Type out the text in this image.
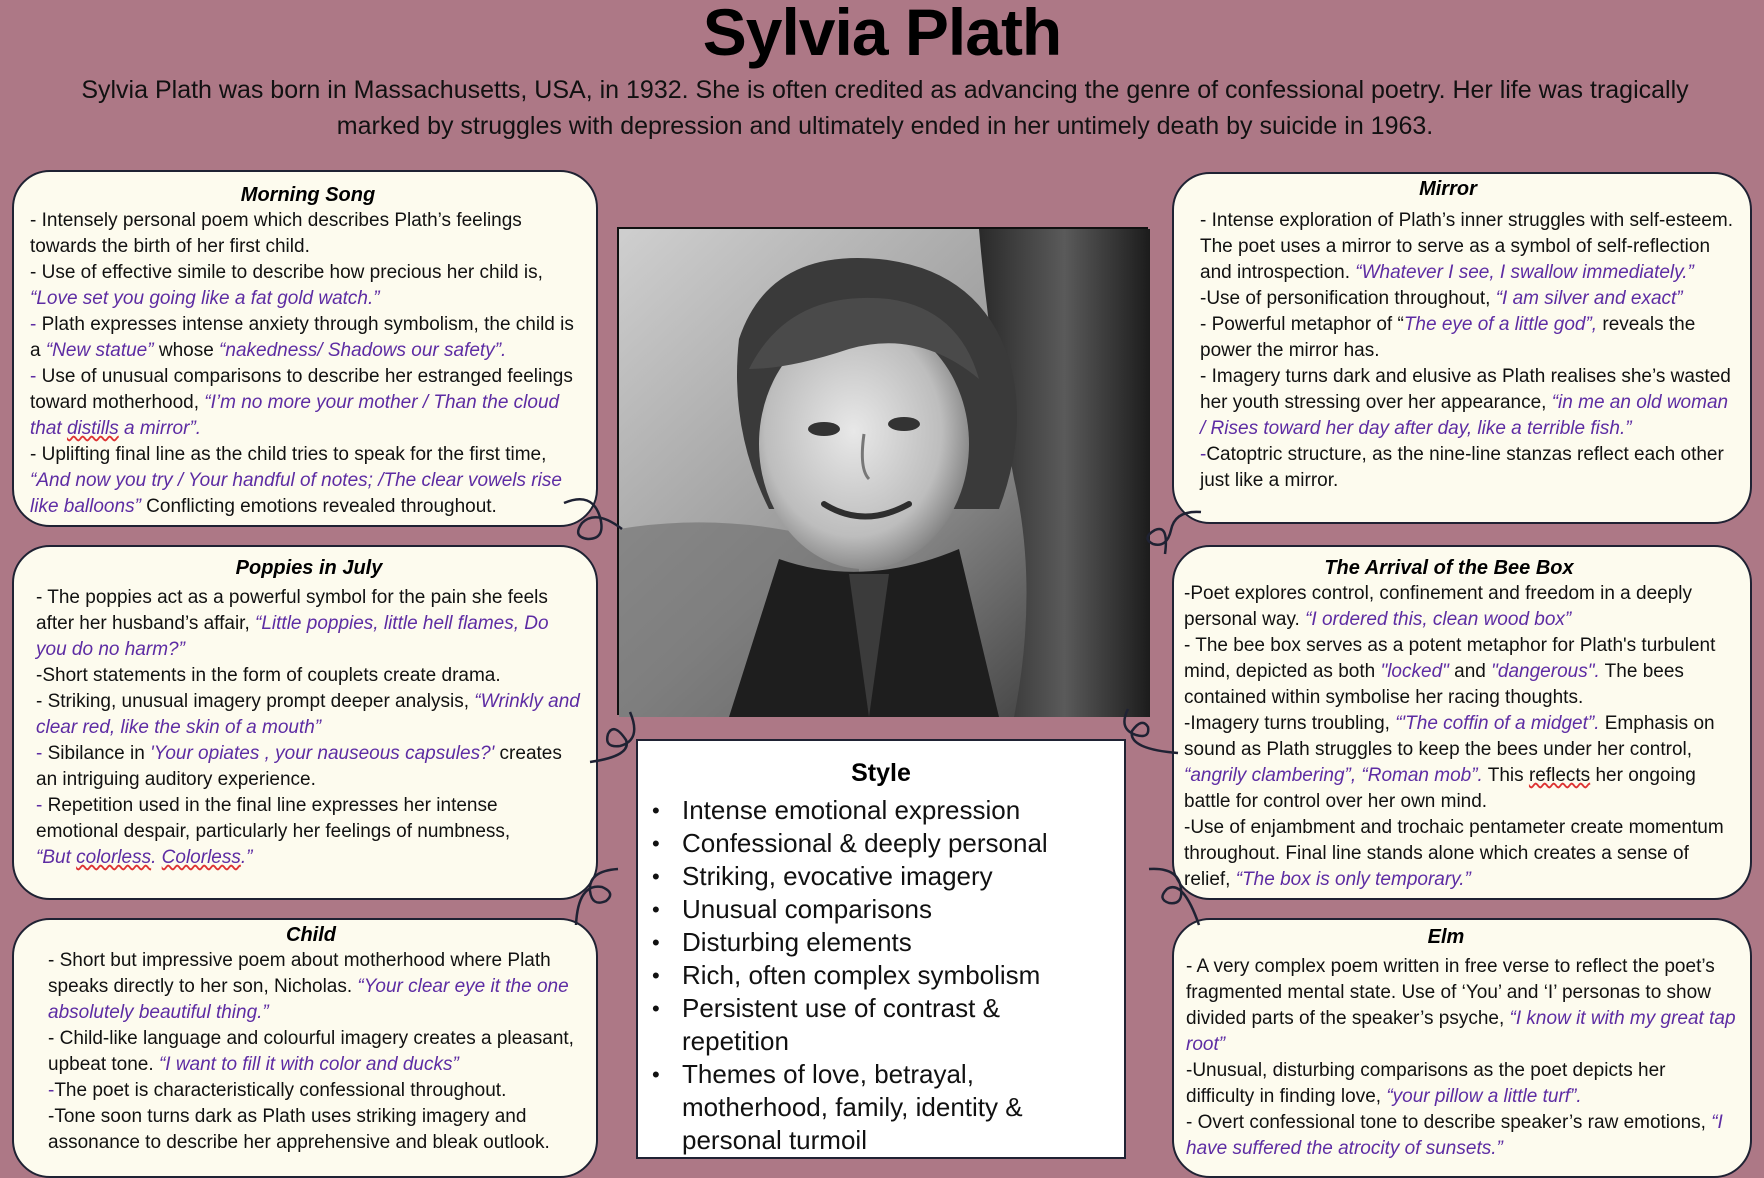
Sylvia Plath

Sylvia Plath was born in Massachusetts, USA, in 1932. She is often credited as advancing the genre of confessional poetry. Her life was tragically marked by struggles with depression and ultimately ended in her untimely death by suicide in 1963.

Morning Song

- Intensely personal poem which describes Plath’s feelings towards the birth of her first child.

- Use of effective simile to describe how precious her child is,
“Love set you going like a fat gold watch.”

- Plath expresses intense anxiety through symbolism, the child is a “New statue” whose “nakedness/ Shadows our safety”.

- Use of unusual comparisons to describe her estranged feelings toward motherhood, “I’m no more your mother / Than the cloud that distills a mirror”.

- Uplifting final line as the child tries to speak for the first time, “And now you try / Your handful of notes; /The clear vowels rise like balloons” Conflicting emotions revealed throughout.

Poppies in July

- The poppies act as a powerful symbol for the pain she feels after her husband’s affair, “Little poppies, little hell flames, Do you do no harm?”

-Short statements in the form of couplets create drama.

- Striking, unusual imagery prompt deeper analysis, “Wrinkly and clear red, like the skin of a mouth”

- Sibilance in 'Your opiates , your nauseous capsules?' creates an intriguing auditory experience.

- Repetition used in the final line expresses her intense emotional despair, particularly her feelings of numbness,
“But colorless. Colorless.”

Child

- Short but impressive poem about motherhood where Plath speaks directly to her son, Nicholas. “Your clear eye it the one absolutely beautiful thing.”

- Child-like language and colourful imagery creates a pleasant, upbeat tone. “I want to fill it with color and ducks”

-The poet is characteristically confessional throughout.

-Tone soon turns dark as Plath uses striking imagery and assonance to describe her apprehensive and bleak outlook.

Mirror

- Intense exploration of Plath’s inner struggles with self-esteem. The poet uses a mirror to serve as a symbol of self-reflection and introspection. “Whatever I see, I swallow immediately.”

-Use of personification throughout, “I am silver and exact”

- Powerful metaphor of “The eye of a little god”, reveals the power the mirror has.

- Imagery turns dark and elusive as Plath realises she’s wasted her youth stressing over her appearance, “in me an old woman / Rises toward her day after day, like a terrible fish.”

-Catoptric structure, as the nine-line stanzas reflect each other just like a mirror.

The Arrival of the Bee Box

-Poet explores control, confinement and freedom in a deeply personal way. “I ordered this, clean wood box”

- The bee box serves as a potent metaphor for Plath's turbulent mind, depicted as both "locked" and "dangerous". The bees contained within symbolise her racing thoughts.

-Imagery turns troubling, “'The coffin of a midget”. Emphasis on sound as Plath struggles to keep the bees under her control, “angrily clambering”, “Roman mob”. This reflects her ongoing battle for control over her own mind.

-Use of enjambment and trochaic pentameter create momentum throughout. Final line stands alone which creates a sense of relief, “The box is only temporary.”

Elm

- A very complex poem written in free verse to reflect the poet’s fragmented mental state. Use of ‘You’ and ‘I’ personas to show divided parts of the speaker’s psyche, “I know it with my great tap root”

-Unusual, disturbing comparisons as the poet depicts her difficulty in finding love, “your pillow a little turf”.

- Overt confessional tone to describe speaker’s raw emotions, “I have suffered the atrocity of sunsets.”

Style
• Intense emotional expression
• Confessional & deeply personal
• Striking, evocative imagery
• Unusual comparisons
• Disturbing elements
• Rich, often complex symbolism
• Persistent use of contrast & repetition
• Themes of love, betrayal, motherhood, family, identity & personal turmoil
